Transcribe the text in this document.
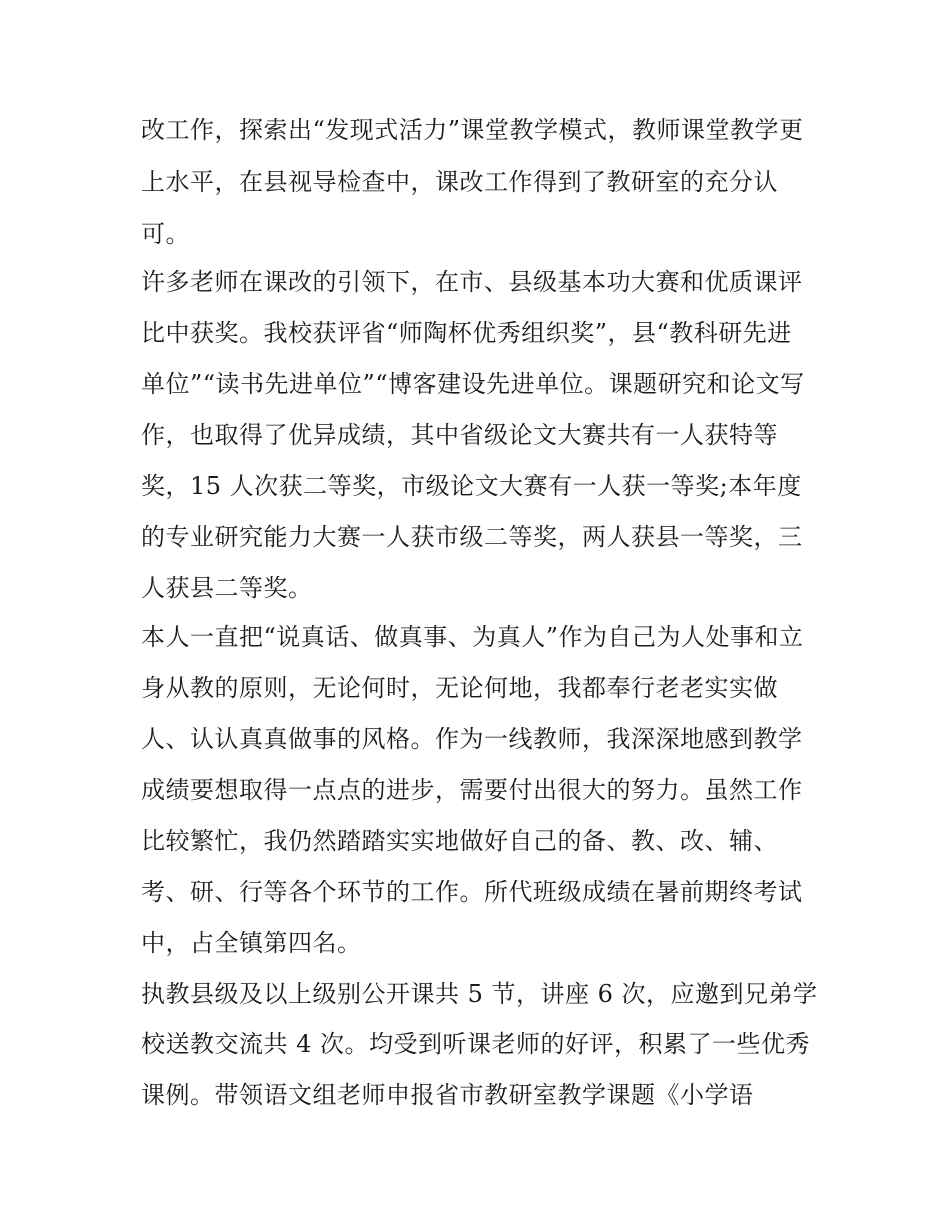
改工作，探索出“发现式活力”课堂教学模式，教师课堂教学更
上水平，在县视导检查中，课改工作得到了教研室的充分认
可。
许多老师在课改的引领下，在市、县级基本功大赛和优质课评
比中获奖。我校获评省“师陶杯优秀组织奖”，县“教科研先进
单位”“读书先进单位”“博客建设先进单位。课题研究和论文写
作，也取得了优异成绩，其中省级论文大赛共有一人获特等
奖，15 人次获二等奖，市级论文大赛有一人获一等奖;本年度
的专业研究能力大赛一人获市级二等奖，两人获县一等奖，三
人获县二等奖。
本人一直把“说真话、做真事、为真人”作为自己为人处事和立
身从教的原则，无论何时，无论何地，我都奉行老老实实做
人、认认真真做事的风格。作为一线教师，我深深地感到教学
成绩要想取得一点点的进步，需要付出很大的努力。虽然工作
比较繁忙，我仍然踏踏实实地做好自己的备、教、改、辅、
考、研、行等各个环节的工作。所代班级成绩在暑前期终考试
中，占全镇第四名。
执教县级及以上级别公开课共 5 节，讲座 6 次，应邀到兄弟学
校送教交流共 4 次。均受到听课老师的好评，积累了一些优秀
课例。带领语文组老师申报省市教研室教学课题《小学语
